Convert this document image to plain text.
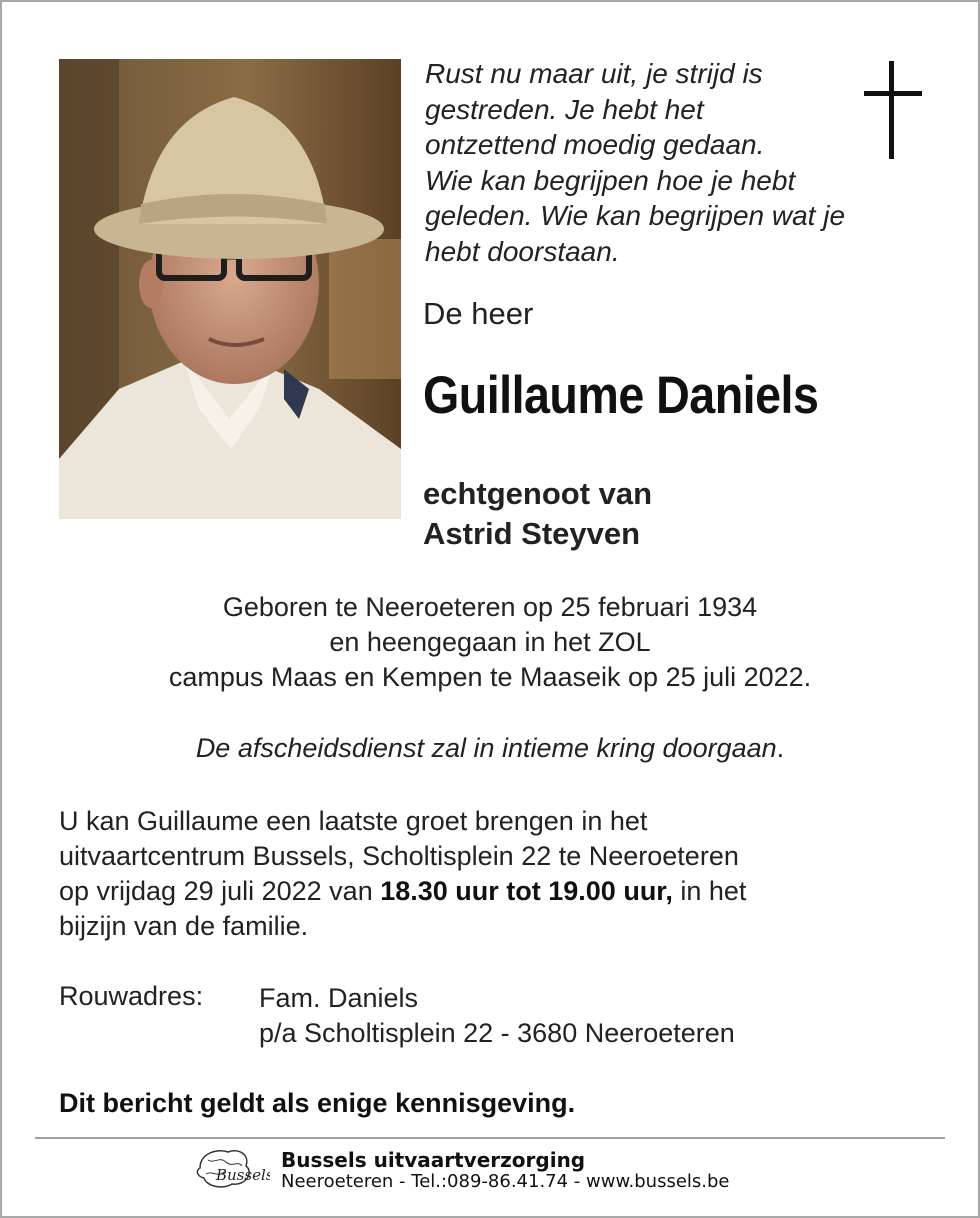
Rust nu maar uit, je strijd is
gestreden. Je hebt het
ontzettend moedig gedaan.
Wie kan begrijpen hoe je hebt
geleden. Wie kan begrijpen wat je
hebt doorstaan.
De heer
Guillaume Daniels
echtgenoot van
Astrid Steyven
Geboren te Neeroeteren op 25 februari 1934
en heengegaan in het ZOL
campus Maas en Kempen te Maaseik op 25 juli 2022.
De afscheidsdienst zal in intieme kring doorgaan.
U kan Guillaume een laatste groet brengen in het
uitvaartcentrum Bussels, Scholtisplein 22 te Neeroeteren
op vrijdag 29 juli 2022 van 18.30 uur tot 19.00 uur, in het
bijzijn van de familie.
Rouwadres: Fam. Daniels
p/a Scholtisplein 22 - 3680 Neeroeteren
Dit bericht geldt als enige kennisgeving.
Bussels
Bussels uitvaartverzorging
Neeroeteren - Tel.:089-86.41.74 - www.bussels.be
